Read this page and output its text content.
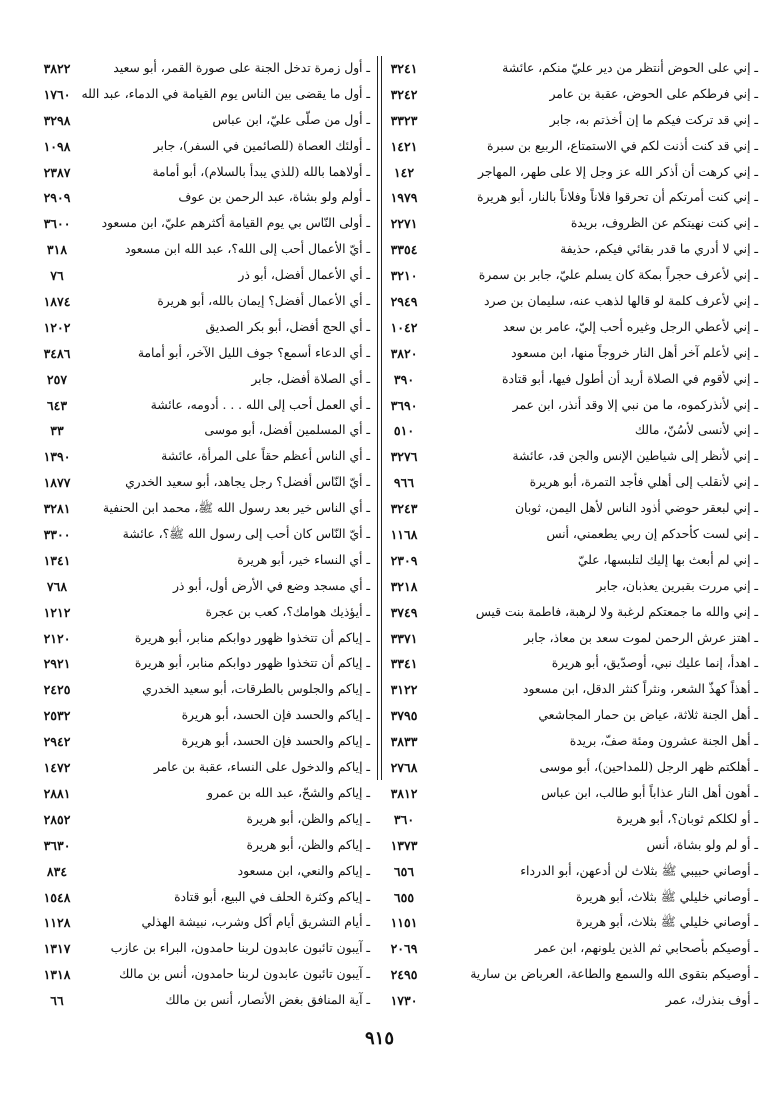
٣٢٤١	ـ إني على الحوض أنتظر من دير عليّ منكم، عائشة
٣٢٤٢	ـ إني فرطكم على الحوض، عقبة بن عامر
٣٣٢٣	ـ إني قد تركت فيكم ما إن أخذتم به، جابر
١٤٢١	ـ إني قد كنت أذنت لكم في الاستمتاع، الربيع بن سبرة
١٤٢	ـ إني كرهت أن أذكر الله عز وجل إلا على طهر، المهاجر
١٩٧٩	ـ إني كنت أمرتكم أن تحرقوا فلاناً وفلاناً بالنار، أبو هريرة
٢٢٧١	ـ إني كنت نهيتكم عن الظروف، بريدة
٣٣٥٤	ـ إني لا أدري ما قدر بقائي فيكم، حذيفة
٣٢١٠	ـ إني لأعرف حجراً بمكة كان يسلم عليّ، جابر بن سمرة
٢٩٤٩	ـ إني لأعرف كلمة لو قالها لذهب عنه، سليمان بن صرد
١٠٤٢	ـ إني لأعطي الرجل وغيره أحب إليّ، عامر بن سعد
٣٨٢٠	ـ إني لأعلم آخر أهل النار خروجاً منها، ابن مسعود
٣٩٠	ـ إني لأقوم في الصلاة أريد أن أطول فيها، أبو قتادة
٣٦٩٠	ـ إني لأنذركموه، ما من نبي إلا وقد أنذر، ابن عمر
٥١٠	ـ إني لأنسى لأسُنّ، مالك
٣٢٧٦	ـ إني لأنظر إلى شياطين الإنس والجن قد، عائشة
٩٦٦	ـ إني لأنقلب إلى أهلي فأجد التمرة، أبو هريرة
٣٢٤٣	ـ إني لبعقر حوضي أذود الناس لأهل اليمن، ثوبان
١١٦٨	ـ إني لست كأحدكم إن ربي يطعمني، أنس
٢٣٠٩	ـ إني لم أبعث بها إليك لتلبسها، عليّ
٣٢١٨	ـ إني مررت بقبرين يعذبان، جابر
٣٧٤٩	ـ إني والله ما جمعتكم لرغبة ولا لرهبة، فاطمة بنت قيس
٣٣٧١	ـ اهتز عرش الرحمن لموت سعد بن معاذ، جابر
٣٣٤١	ـ اهدأ، إنما عليك نبي، أوصدّيق، أبو هريرة
٣١٢٢	ـ أهذاً كهذّ الشعر، ونثراً كنثر الدقل، ابن مسعود
٣٧٩٥	ـ أهل الجنة ثلاثة، عياض بن حمار المجاشعي
٣٨٣٣	ـ أهل الجنة عشرون ومئة صفّ، بريدة
٢٧٦٨	ـ أهلكتم ظهر الرجل (للمداحين)، أبو موسى
٣٨١٢	ـ أهون أهل النار عذاباً أبو طالب، ابن عباس
٣٦٠	ـ أو لكلكم ثوبان؟، أبو هريرة
١٣٧٣	ـ أو لم ولو بشاة، أنس
٦٥٦	ـ أوصاني حبيبي ﷺ بثلاث لن أدعهن، أبو الدرداء
٦٥٥	ـ أوصاني خليلي ﷺ بثلاث، أبو هريرة
١١٥١	ـ أوصاني خليلي ﷺ بثلاث، أبو هريرة
٢٠٦٩	ـ أوصيكم بأصحابي ثم الذين يلونهم، ابن عمر
٢٤٩٥	ـ أوصيكم بتقوى الله والسمع والطاعة، العرباض بن سارية
١٧٣٠	ـ أوف بنذرك، عمر
٣٨٢٢	ـ أول زمرة تدخل الجنة على صورة القمر، أبو سعيد
١٧٦٠ ـ أول ما يقضى بين الناس يوم القيامة في الدماء، عبد الله
٣٢٩٨	ـ أول من صلّى عليّ، ابن عباس
١٠٩٨	ـ أولئك العصاة (للصائمين في السفر)، جابر
٢٣٨٧	ـ أولاهما بالله (للذي يبدأ بالسلام)، أبو أمامة
٢٩٠٩	ـ أولم ولو بشاة، عبد الرحمن بن عوف
٣٦٠٠	ـ أولى النّاس بي يوم القيامة أكثرهم عليّ، ابن مسعود
٣١٨	ـ أيّ الأعمال أحب إلى الله؟، عبد الله ابن مسعود
٧٦	ـ أي الأعمال أفضل، أبو ذر
١٨٧٤	ـ أي الأعمال أفضل؟ إيمان بالله، أبو هريرة
١٢٠٢	ـ أي الحج أفضل، أبو بكر الصديق
٣٤٨٦	ـ أي الدعاء أسمع؟ جوف الليل الآخر، أبو أمامة
٢٥٧	ـ أي الصلاة أفضل، جابر
٦٤٣	ـ أي العمل أحب إلى الله . . . أدومه، عائشة
٣٣	ـ أي المسلمين أفضل، أبو موسى
١٣٩٠	ـ أي الناس أعظم حقاً على المرأة، عائشة
١٨٧٧	ـ أيّ النّاس أفضل؟ رجل يجاهد، أبو سعيد الخدري
٣٢٨١	ـ أي الناس خير بعد رسول الله ﷺ، محمد ابن الحنفية
٣٣٠٠	ـ أيّ النّاس كان أحب إلى رسول الله ﷺ؟، عائشة
١٣٤١	ـ أي النساء خير، أبو هريرة
٧٦٨	ـ أي مسجد وضع في الأرض أول، أبو ذر
١٢١٢	ـ أيؤذيك هوامك؟، كعب بن عجرة
٢١٢٠	ـ إياكم أن تتخذوا ظهور دوابكم منابر، أبو هريرة
٢٩٢١	ـ إياكم أن تتخذوا ظهور دوابكم منابر، أبو هريرة
٢٤٢٥	ـ إياكم والجلوس بالطرقات، أبو سعيد الخدري
٢٥٣٢	ـ إياكم والحسد فإن الحسد، أبو هريرة
٢٩٤٢	ـ إياكم والحسد فإن الحسد، أبو هريرة
١٤٧٢	ـ إياكم والدخول على النساء، عقبة بن عامر
٢٨٨١	ـ إياكم والشحّ، عبد الله بن عمرو
٢٨٥٢	ـ إياكم والظن، أبو هريرة
٣٦٣٠	ـ إياكم والظن، أبو هريرة
٨٣٤	ـ إياكم والنعي، ابن مسعود
١٥٤٨	ـ إياكم وكثرة الحلف في البيع، أبو قتادة
١١٢٨	ـ أيام التشريق أيام أكل وشرب، نبيشة الهذلي
١٣١٧	ـ آيبون تائبون عابدون لربنا حامدون، البراء بن عازب
١٣١٨	ـ آيبون تائبون عابدون لربنا حامدون، أنس بن مالك
٦٦	ـ آية المنافق بغض الأنصار، أنس بن مالك
٩١٥
